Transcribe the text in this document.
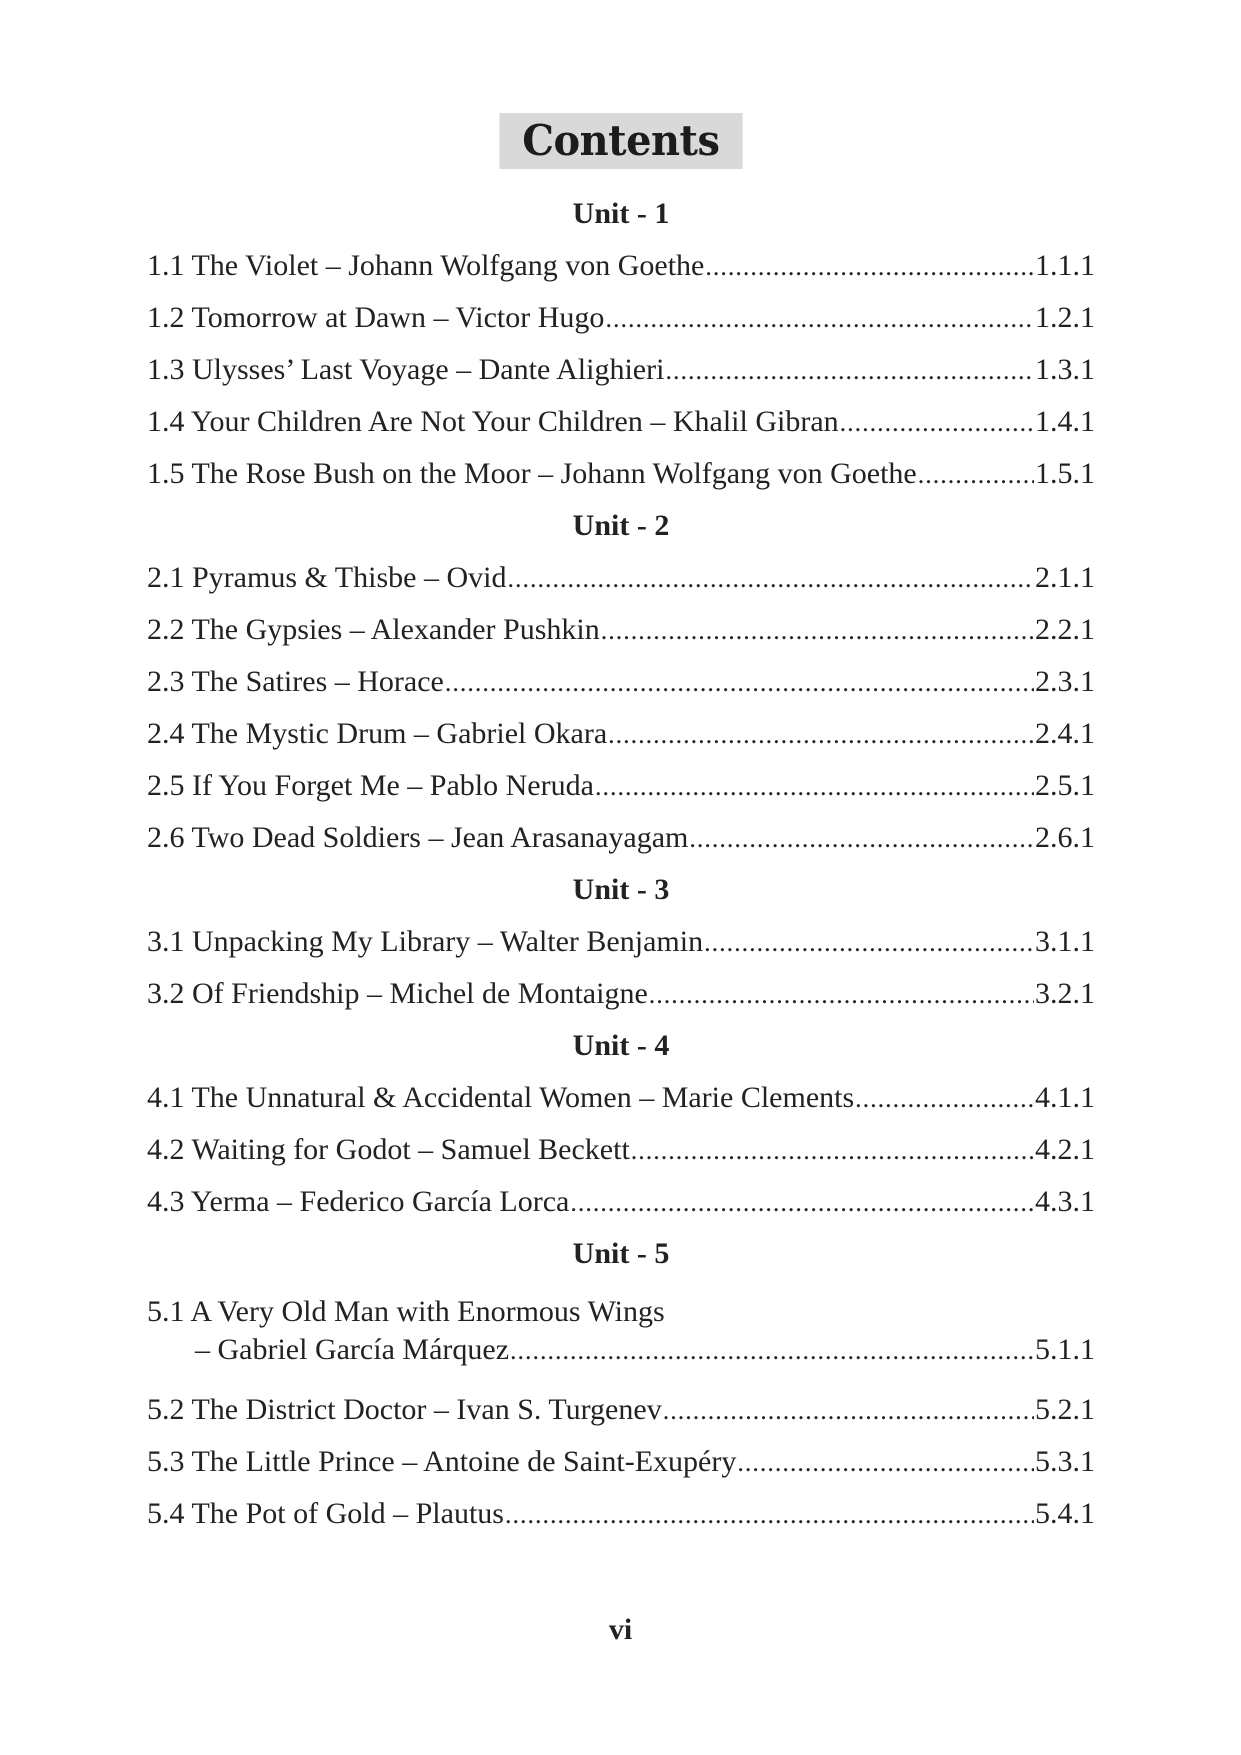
Contents
Unit - 1
1.1 The Violet – Johann Wolfgang von Goethe .....	1.1.1
1.2 Tomorrow at Dawn – Victor Hugo .....	1.2.1
1.3 Ulysses’ Last Voyage – Dante Alighieri .....	1.3.1
1.4 Your Children Are Not Your Children – Khalil Gibran .....	1.4.1
1.5 The Rose Bush on the Moor – Johann Wolfgang von Goethe .....	1.5.1
Unit - 2
2.1 Pyramus & Thisbe – Ovid .....	2.1.1
2.2 The Gypsies – Alexander Pushkin .....	2.2.1
2.3 The Satires – Horace .....	2.3.1
2.4 The Mystic Drum – Gabriel Okara .....	2.4.1
2.5 If You Forget Me – Pablo Neruda .....	2.5.1
2.6 Two Dead Soldiers – Jean Arasanayagam .....	2.6.1
Unit - 3
3.1 Unpacking My Library – Walter Benjamin .....	3.1.1
3.2 Of Friendship – Michel de Montaigne .....	3.2.1
Unit - 4
4.1 The Unnatural & Accidental Women – Marie Clements .....	4.1.1
4.2 Waiting for Godot – Samuel Beckett .....	4.2.1
4.3 Yerma – Federico García Lorca .....	4.3.1
Unit - 5
5.1 A Very Old Man with Enormous Wings
– Gabriel García Márquez .....	5.1.1
5.2 The District Doctor – Ivan S. Turgenev .....	5.2.1
5.3 The Little Prince – Antoine de Saint-Exupéry .....	5.3.1
5.4 The Pot of Gold – Plautus .....	5.4.1
vi
